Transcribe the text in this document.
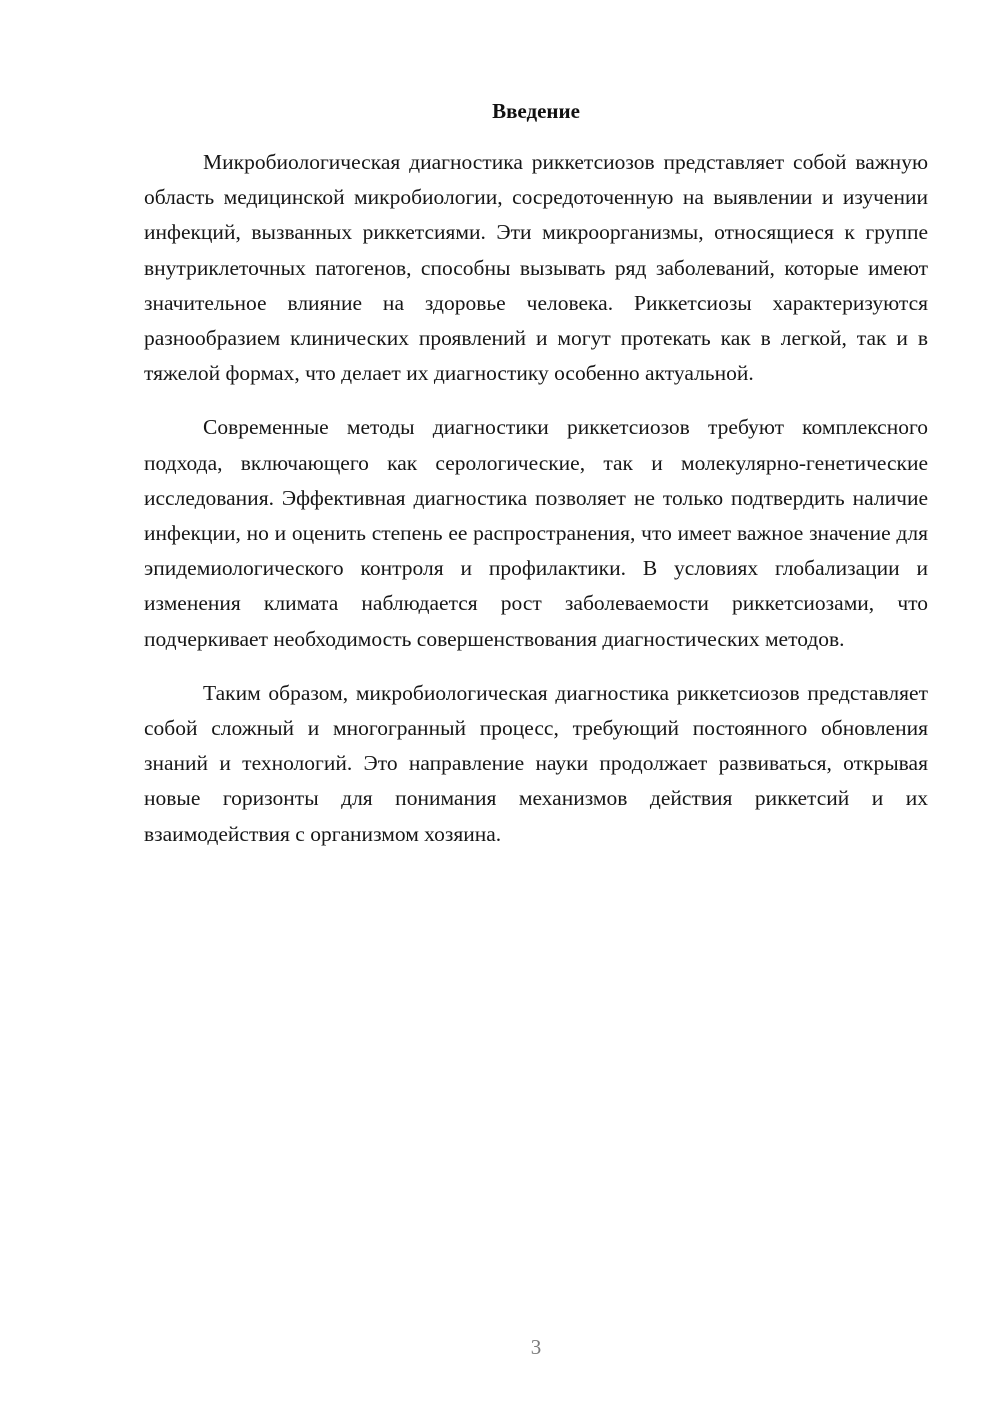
Введение

Микробиологическая диагностика риккетсиозов представляет собой важную область медицинской микробиологии, сосредоточенную на выявлении и изучении инфекций, вызванных риккетсиями. Эти микроорганизмы, относящиеся к группе внутриклеточных патогенов, способны вызывать ряд заболеваний, которые имеют значительное влияние на здоровье человека. Риккетсиозы характеризуются разнообразием клинических проявлений и могут протекать как в легкой, так и в тяжелой формах, что делает их диагностику особенно актуальной.

Современные методы диагностики риккетсиозов требуют комплексного подхода, включающего как серологические, так и молекулярно-генетические исследования. Эффективная диагностика позволяет не только подтвердить наличие инфекции, но и оценить степень ее распространения, что имеет важное значение для эпидемиологического контроля и профилактики. В условиях глобализации и изменения климата наблюдается рост заболеваемости риккетсиозами, что подчеркивает необходимость совершенствования диагностических методов.

Таким образом, микробиологическая диагностика риккетсиозов представляет собой сложный и многогранный процесс, требующий постоянного обновления знаний и технологий. Это направление науки продолжает развиваться, открывая новые горизонты для понимания механизмов действия риккетсий и их взаимодействия с организмом хозяина.

3
